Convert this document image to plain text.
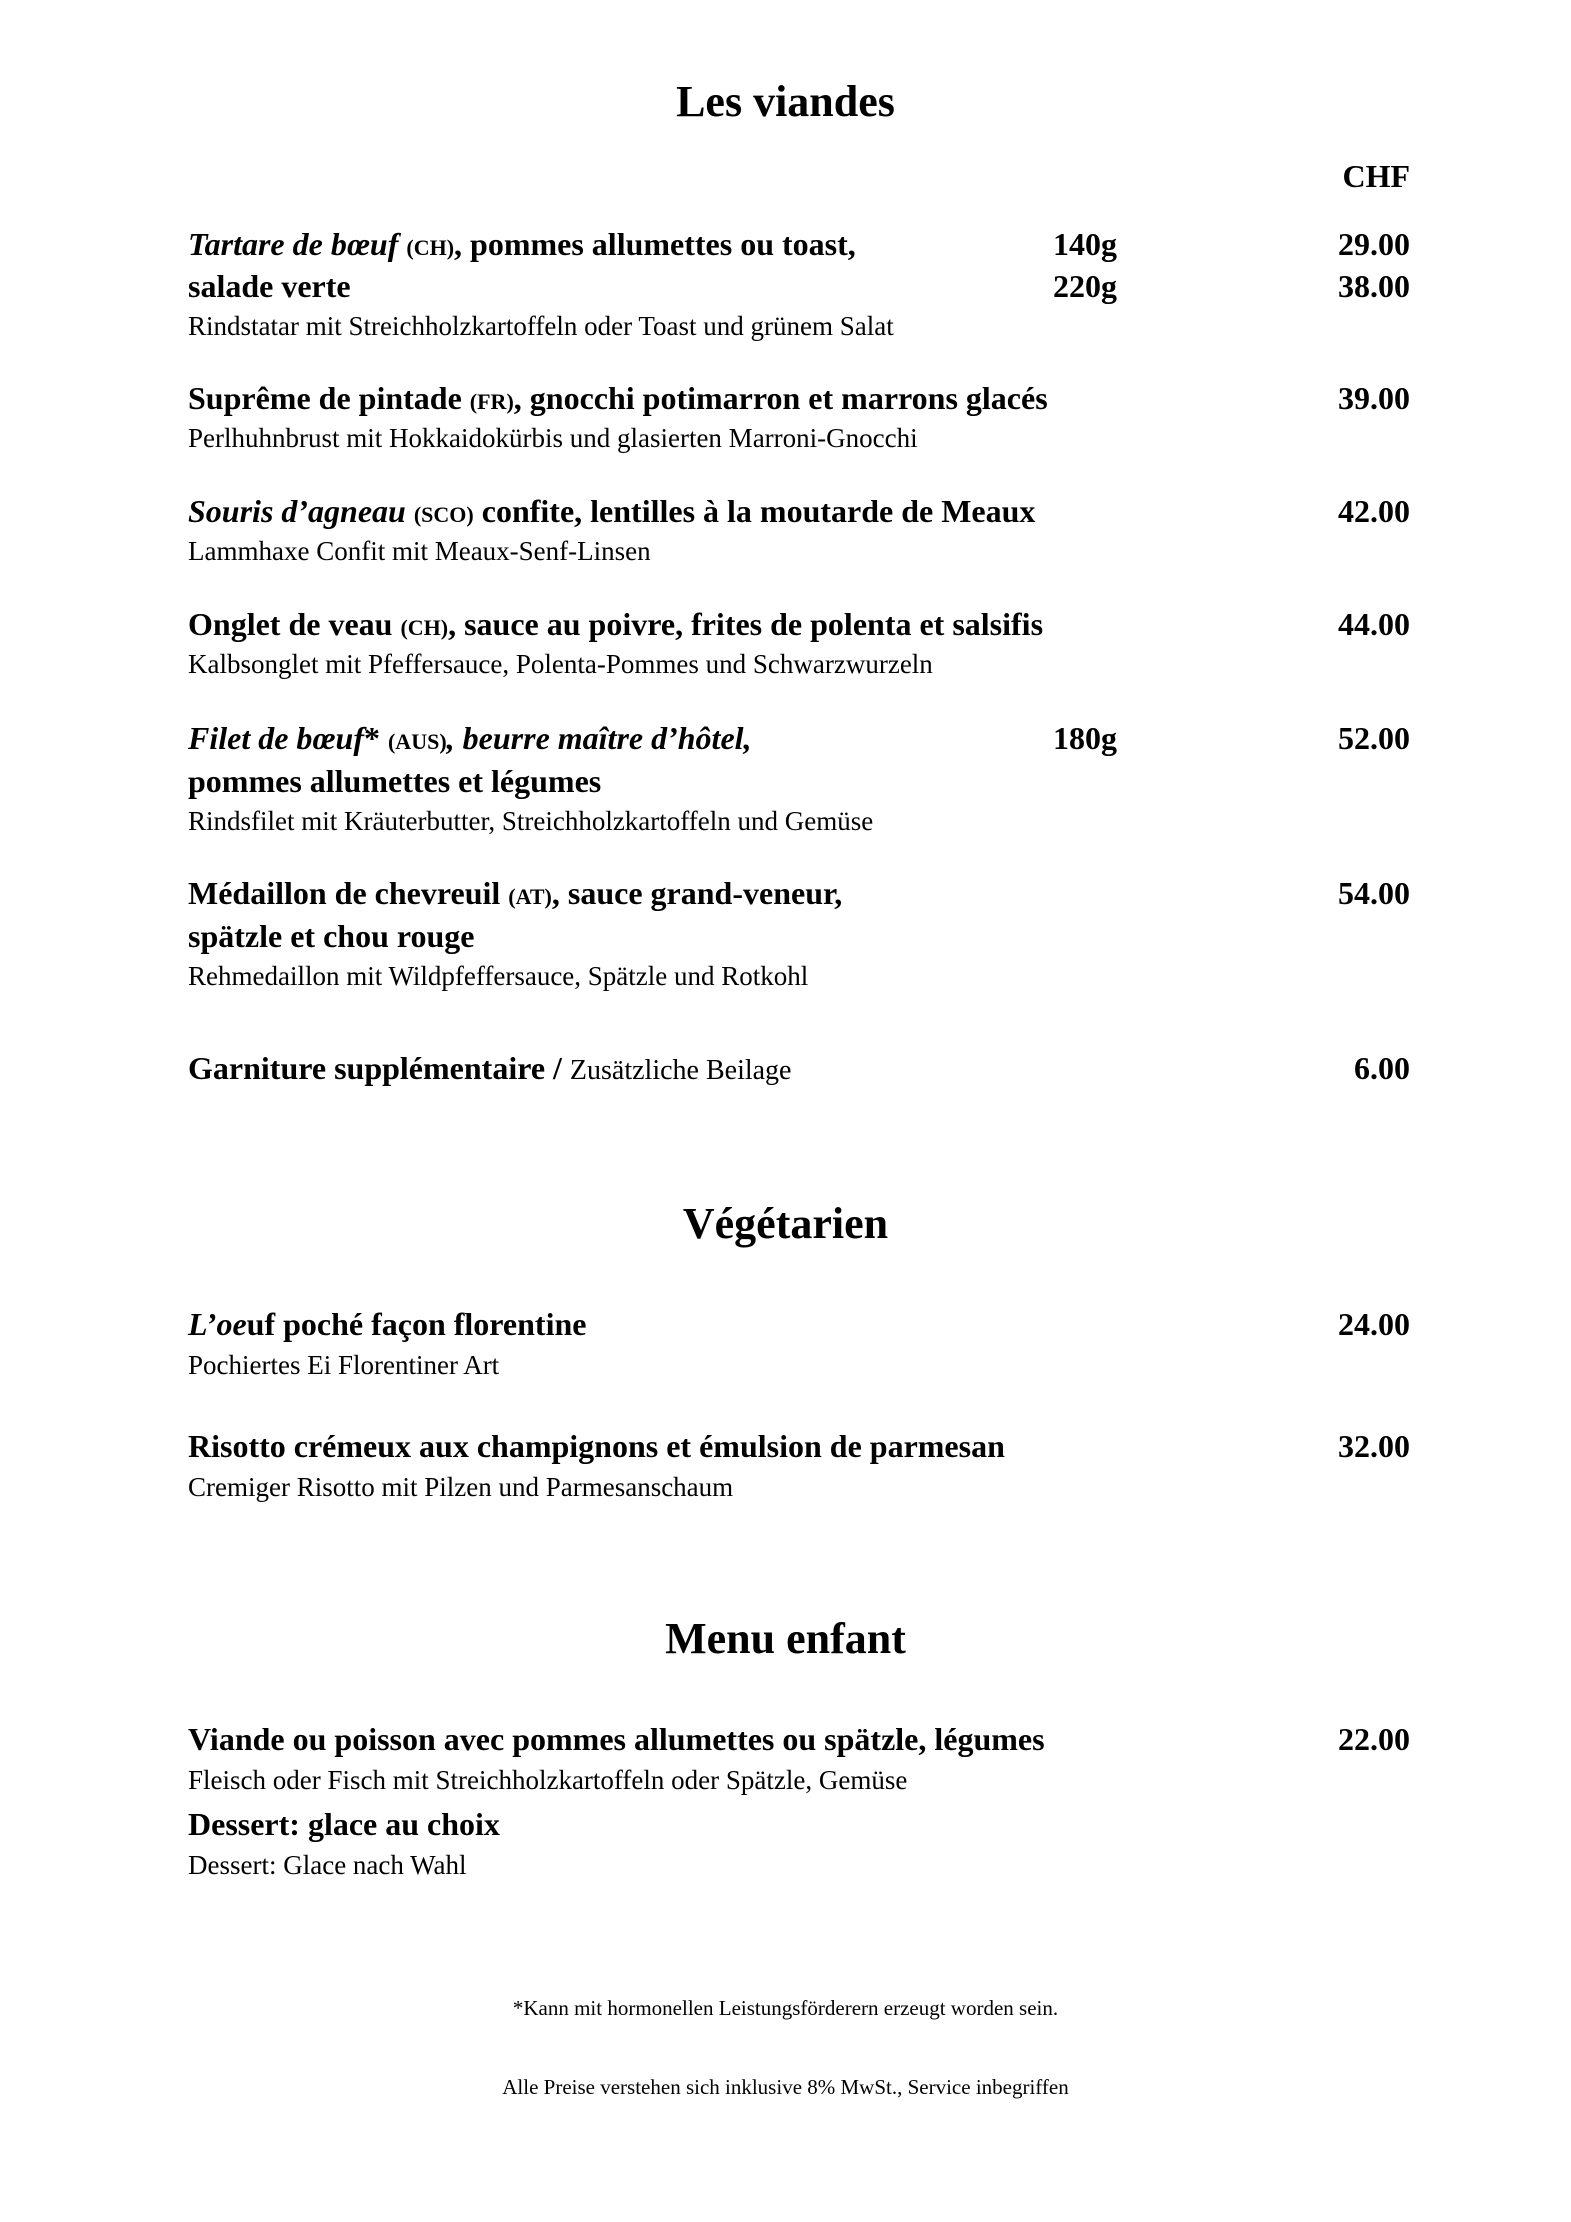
Les viandes
CHF
Tartare de bœuf (CH), pommes allumettes ou toast,	140g	29.00
salade verte	220g	38.00
Rindstatar mit Streichholzkartoffeln oder Toast und grünem Salat
Suprême de pintade (FR), gnocchi potimarron et marrons glacés	39.00
Perlhuhnbrust mit Hokkaidokürbis und glasierten Marroni-Gnocchi
Souris d’agneau (SCO) confite, lentilles à la moutarde de Meaux	42.00
Lammhaxe Confit mit Meaux-Senf-Linsen
Onglet de veau (CH), sauce au poivre, frites de polenta et salsifis	44.00
Kalbsonglet mit Pfeffersauce, Polenta-Pommes und Schwarzwurzeln
Filet de bœuf* (AUS), beurre maître d’hôtel,	180g	52.00
pommes allumettes et légumes
Rindsfilet mit Kräuterbutter, Streichholzkartoffeln und Gemüse
Médaillon de chevreuil (AT), sauce grand-veneur,	54.00
spätzle et chou rouge
Rehmedaillon mit Wildpfeffersauce, Spätzle und Rotkohl
Garniture supplémentaire / Zusätzliche Beilage	6.00
Végétarien
L’oeuf poché façon florentine	24.00
Pochiertes Ei Florentiner Art
Risotto crémeux aux champignons et émulsion de parmesan	32.00
Cremiger Risotto mit Pilzen und Parmesanschaum
Menu enfant
Viande ou poisson avec pommes allumettes ou spätzle, légumes	22.00
Fleisch oder Fisch mit Streichholzkartoffeln oder Spätzle, Gemüse
Dessert: glace au choix
Dessert: Glace nach Wahl
*Kann mit hormonellen Leistungsförderern erzeugt worden sein.
Alle Preise verstehen sich inklusive 8% MwSt., Service inbegriffen
